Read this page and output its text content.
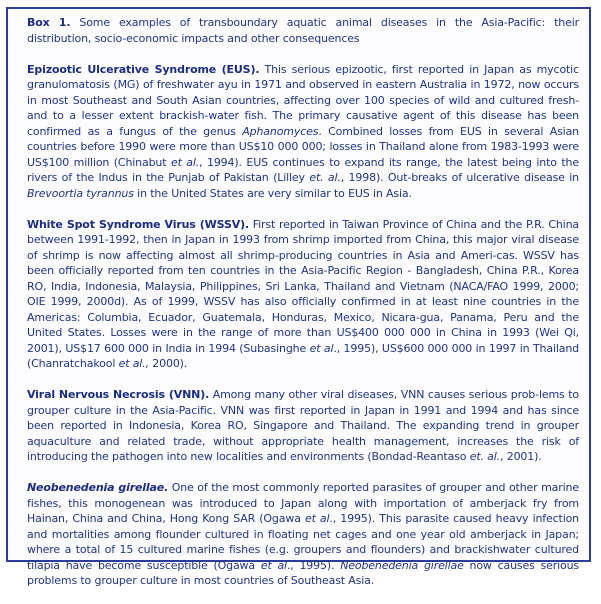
Box 1. Some examples of transboundary aquatic animal diseases in the Asia-Pacific: their distribution, socio-economic impacts and other consequences

Epizootic Ulcerative Syndrome (EUS). This serious epizootic, first reported in Japan as mycotic granulomatosis (MG) of freshwater ayu in 1971 and observed in eastern Australia in 1972, now occurs in most Southeast and South Asian countries, affecting over 100 species of wild and cultured fresh- and to a lesser extent brackish-water fish. The primary causative agent of this disease has been confirmed as a fungus of the genus Aphanomyces. Combined losses from EUS in several Asian countries before 1990 were more than US$10 000 000; losses in Thailand alone from 1983-1993 were US$100 million (Chinabut et al., 1994). EUS continues to expand its range, the latest being into the rivers of the Indus in the Punjab of Pakistan (Lilley et. al., 1998). Out-breaks of ulcerative disease in Brevoortia tyrannus in the United States are very similar to EUS in Asia.

White Spot Syndrome Virus (WSSV). First reported in Taiwan Province of China and the P.R. China between 1991-1992, then in Japan in 1993 from shrimp imported from China, this major viral disease of shrimp is now affecting almost all shrimp-producing countries in Asia and Ameri-cas. WSSV has been officially reported from ten countries in the Asia-Pacific Region - Bangladesh, China P.R., Korea RO, India, Indonesia, Malaysia, Philippines, Sri Lanka, Thailand and Vietnam (NACA/FAO 1999, 2000; OIE 1999, 2000d). As of 1999, WSSV has also officially confirmed in at least nine countries in the Americas: Columbia, Ecuador, Guatemala, Honduras, Mexico, Nicara-gua, Panama, Peru and the United States. Losses were in the range of more than US$400 000 000 in China in 1993 (Wei Qi, 2001), US$17 600 000 in India in 1994 (Subasinghe et al., 1995), US$600 000 000 in 1997 in Thailand (Chanratchakool et al., 2000).

Viral Nervous Necrosis (VNN). Among many other viral diseases, VNN causes serious prob-lems to grouper culture in the Asia-Pacific. VNN was first reported in Japan in 1991 and 1994 and has since been reported in Indonesia, Korea RO, Singapore and Thailand. The expanding trend in grouper aquaculture and related trade, without appropriate health management, increases the risk of introducing the pathogen into new localities and environments (Bondad-Reantaso et. al., 2001).

Neobenedenia girellae. One of the most commonly reported parasites of grouper and other marine fishes, this monogenean was introduced to Japan along with importation of amberjack fry from Hainan, China and China, Hong Kong SAR (Ogawa et al., 1995). This parasite caused heavy infection and mortalities among flounder cultured in floating net cages and one year old amberjack in Japan; where a total of 15 cultured marine fishes (e.g. groupers and flounders) and brackishwater cultured tilapia have become susceptible (Ogawa et al., 1995). Neobenedenia girellae now causes serious problems to grouper culture in most countries of Southeast Asia.
